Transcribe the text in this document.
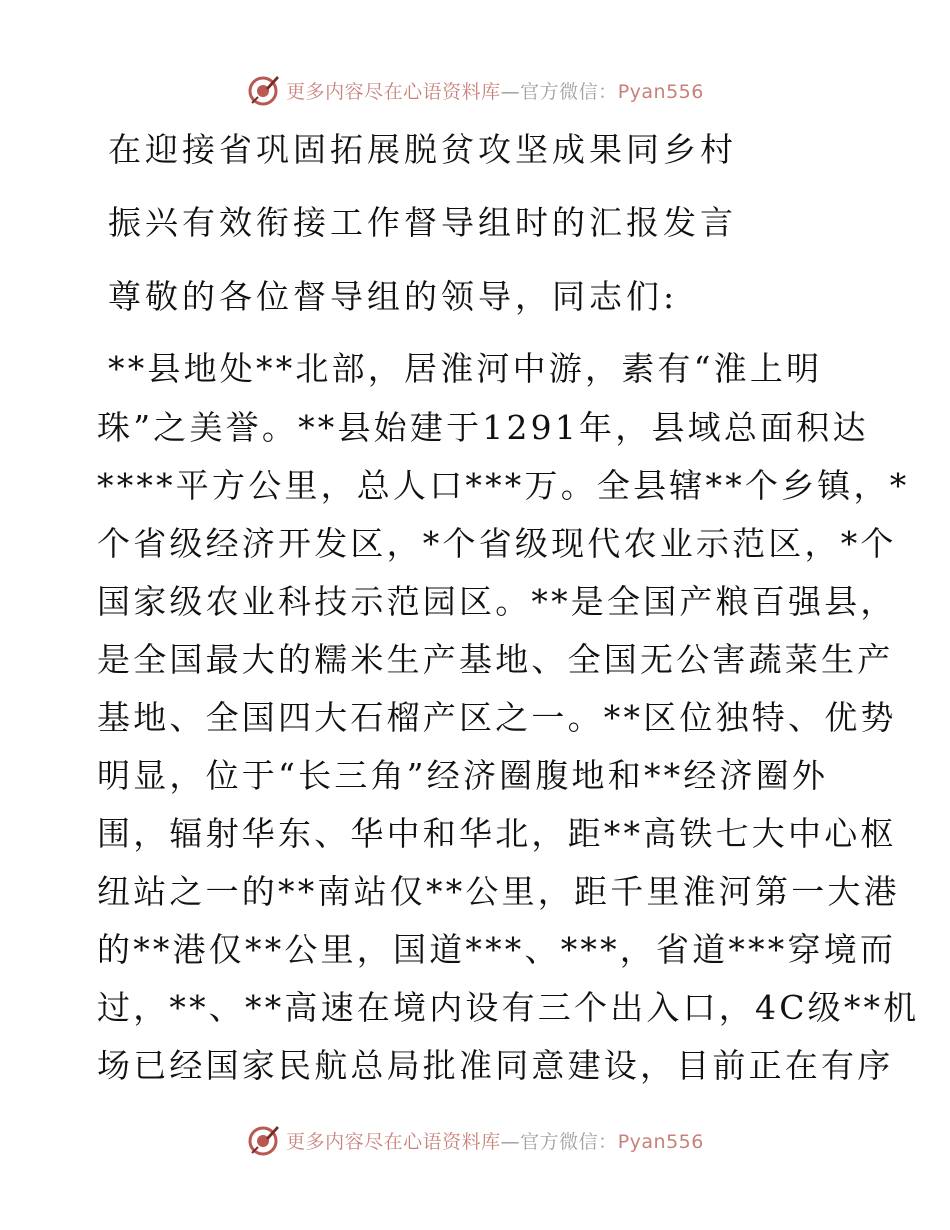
更多内容尽在心语资料库—官方微信：Pyan556
在迎接省巩固拓展脱贫攻坚成果同乡村
振兴有效衔接工作督导组时的汇报发言
尊敬的各位督导组的领导，同志们:
**县地处**北部，居淮河中游，素有“淮上明
珠”之美誉。**县始建于1291年，县域总面积达
****平方公里，总人口***万。全县辖**个乡镇，*
个省级经济开发区，*个省级现代农业示范区，*个
国家级农业科技示范园区。**是全国产粮百强县，
是全国最大的糯米生产基地、全国无公害蔬菜生产
基地、全国四大石榴产区之一。**区位独特、优势
明显，位于“长三角”经济圈腹地和**经济圈外
围，辐射华东、华中和华北，距**高铁七大中心枢
纽站之一的**南站仅**公里，距千里淮河第一大港
的**港仅**公里，国道***、***，省道***穿境而
过，**、**高速在境内设有三个出入口，4C级**机
场已经国家民航总局批准同意建设，目前正在有序
更多内容尽在心语资料库—官方微信：Pyan556
